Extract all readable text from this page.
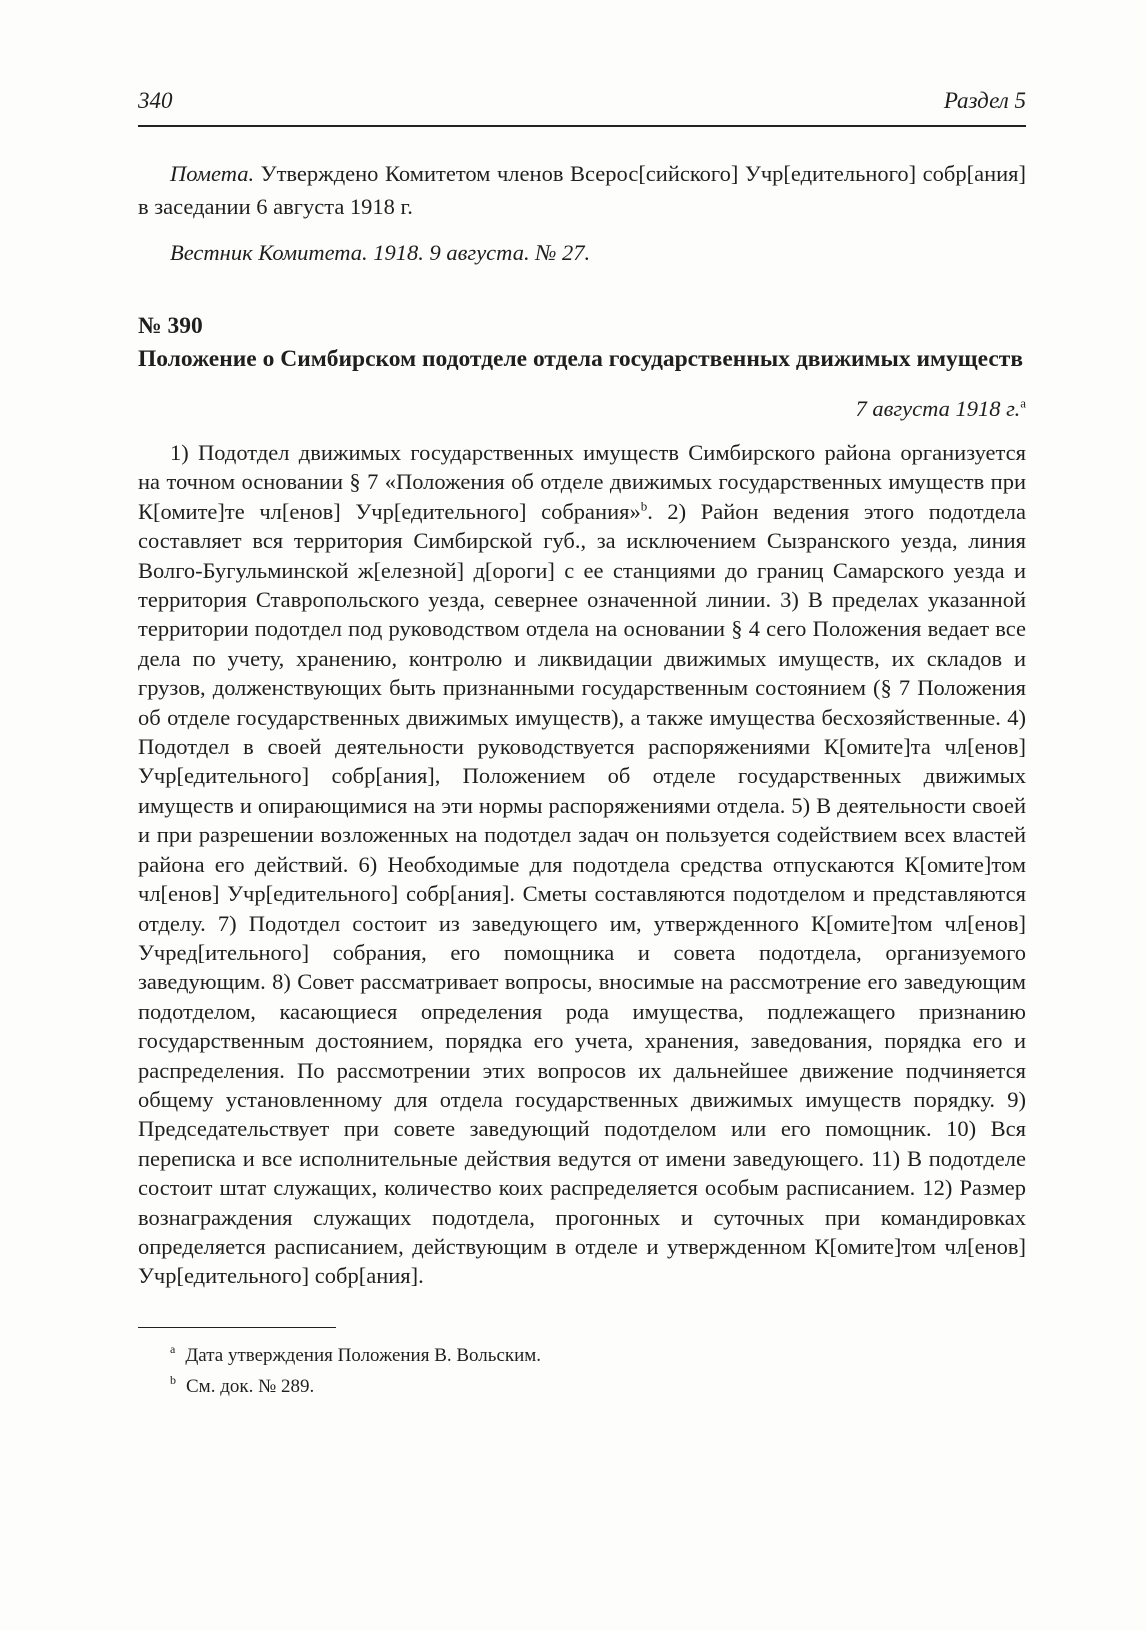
340	Раздел 5
Помета. Утверждено Комитетом членов Всерос[сийского] Учр[едительного] собр[ания] в заседании 6 августа 1918 г.
Вестник Комитета. 1918. 9 августа. № 27.
№ 390
Положение о Симбирском подотделе отдела государственных движимых имуществ
7 августа 1918 г.$^a$
1) Подотдел движимых государственных имуществ Симбирского района организуется на точном основании § 7 «Положения об отделе движимых государственных имуществ при К[омите]те чл[енов] Учр[едительного] собрания»$^b$. 2) Район ведения этого подотдела составляет вся территория Симбирской губ., за исключением Сызранского уезда, линия Волго-Бугульминской ж[елезной] д[ороги] с ее станциями до границ Самарского уезда и территория Ставропольского уезда, севернее означенной линии. 3) В пределах указанной территории подотдел под руководством отдела на основании § 4 сего Положения ведает все дела по учету, хранению, контролю и ликвидации движимых имуществ, их складов и грузов, долженствующих быть признанными государственным состоянием (§ 7 Положения об отделе государственных движимых имуществ), а также имущества бесхозяйственные. 4) Подотдел в своей деятельности руководствуется распоряжениями К[омите]та чл[енов] Учр[едительного] собр[ания], Положением об отделе государственных движимых имуществ и опирающимися на эти нормы распоряжениями отдела. 5) В деятельности своей и при разрешении возложенных на подотдел задач он пользуется содействием всех властей района его действий. 6) Необходимые для подотдела средства отпускаются К[омите]том чл[енов] Учр[едительного] собр[ания]. Сметы составляются подотделом и представляются отделу. 7) Подотдел состоит из заведующего им, утвержденного К[омите]том чл[енов] Учред[ительного] собрания, его помощника и совета подотдела, организуемого заведующим. 8) Совет рассматривает вопросы, вносимые на рассмотрение его заведующим подотделом, касающиеся определения рода имущества, подлежащего признанию государственным достоянием, порядка его учета, хранения, заведования, порядка его и распределения. По рассмотрении этих вопросов их дальнейшее движение подчиняется общему установленному для отдела государственных движимых имуществ порядку. 9) Председательствует при совете заведующий подотделом или его помощник. 10) Вся переписка и все исполнительные действия ведутся от имени заведующего. 11) В подотделе состоит штат служащих, количество коих распределяется особым расписанием. 12) Размер вознаграждения служащих подотдела, прогонных и суточных при командировках определяется расписанием, действующим в отделе и утвержденном К[омите]том чл[енов] Учр[едительного] собр[ания].
$^a$ Дата утверждения Положения В. Вольским.
$^b$ См. док. № 289.
